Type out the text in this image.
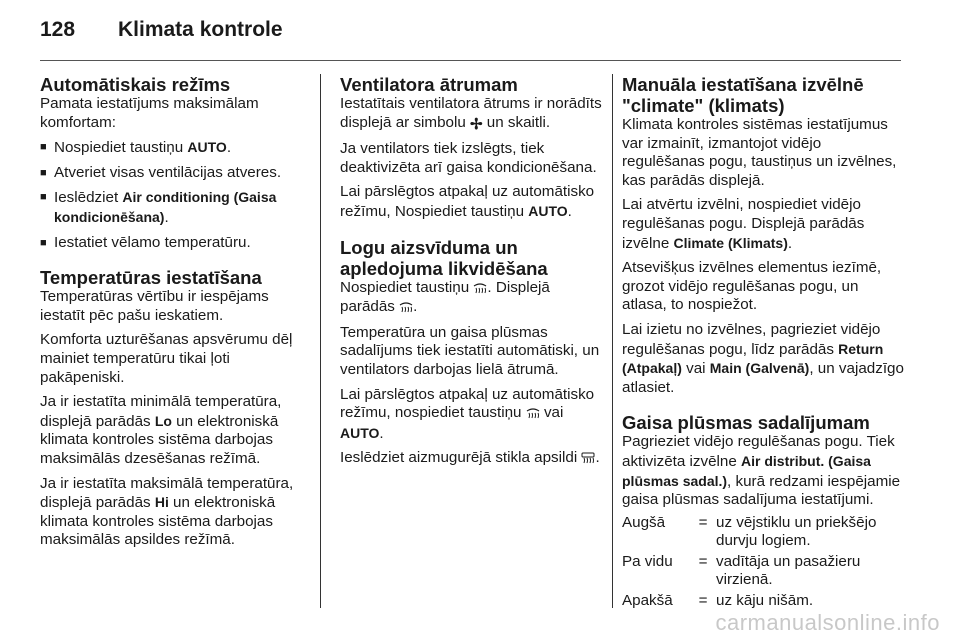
128 Klimata kontrole
Automātiskais režīms

Pamata iestatījums maksimālam komfortam:

■ Nospiediet taustiņu AUTO.
■ Atveriet visas ventilācijas atveres.
■ Ieslēdziet Air conditioning (Gaisa kondicionēšana).
■ Iestatiet vēlamo temperatūru.
Temperatūras iestatīšana

Temperatūras vērtību ir iespējams iestatīt pēc pašu ieskatiem.

Komforta uzturēšanas apsvērumu dēļ mainiet temperatūru tikai ļoti pakāpeniski.

Ja ir iestatīta minimālā temperatūra, displejā parādās Lo un elektroniskā klimata kontroles sistēma darbojas maksimālās dzesēšanas režīmā.

Ja ir iestatīta maksimālā temperatūra, displejā parādās Hi un elektroniskā klimata kontroles sistēma darbojas maksimālās apsildes režīmā.

Ventilatora ātrumam

Iestatītais ventilatora ātrums ir norādīts displejā ar simbolu ✢ un skaitli.

Ja ventilators tiek izslēgts, tiek deaktivizēta arī gaisa kondicionēšana.

Lai pārslēgtos atpakaļ uz automātisko režīmu, Nospiediet taustiņu AUTO.

Logu aizsvīduma un apledojuma likvidēšana

Nospiediet taustiņu . Displejā parādās .

Temperatūra un gaisa plūsmas sadalījums tiek iestatīti automātiski, un ventilators darbojas lielā ātrumā.

Lai pārslēgtos atpakaļ uz automātisko režīmu, nospiediet taustiņu  vai AUTO.

Ieslēdziet aizmugurējā stikla apsildi .

Manuāla iestatīšana izvēlnē "climate" (klimats)

Klimata kontroles sistēmas iestatījumus var izmainīt, izmantojot vidējo regulēšanas pogu, taustiņus un izvēlnes, kas parādās displejā.

Lai atvērtu izvēlni, nospiediet vidējo regulēšanas pogu. Displejā parādās izvēlne Climate (Klimats).

Atsevišķus izvēlnes elementus iezīmē, grozot vidējo regulēšanas pogu, un atlasa, to nospiežot.

Lai izietu no izvēlnes, pagrieziet vidējo regulēšanas pogu, līdz parādās Return (Atpakaļ) vai Main (Galvenā), un vajadzīgo atlasiet.

Gaisa plūsmas sadalījumam

Pagrieziet vidējo regulēšanas pogu. Tiek aktivizēta izvēlne Air distribut. (Gaisa plūsmas sadal.), kurā redzami iespējamie gaisa plūsmas sadalījuma iestatījumi.

Augšā	=	uz vējstiklu un priekšējo durvju logiem.
Pa vidu	=	vadītāja un pasažieru virzienā.
Apakšā	=	uz kāju nišām.
carmanualsonline.info
